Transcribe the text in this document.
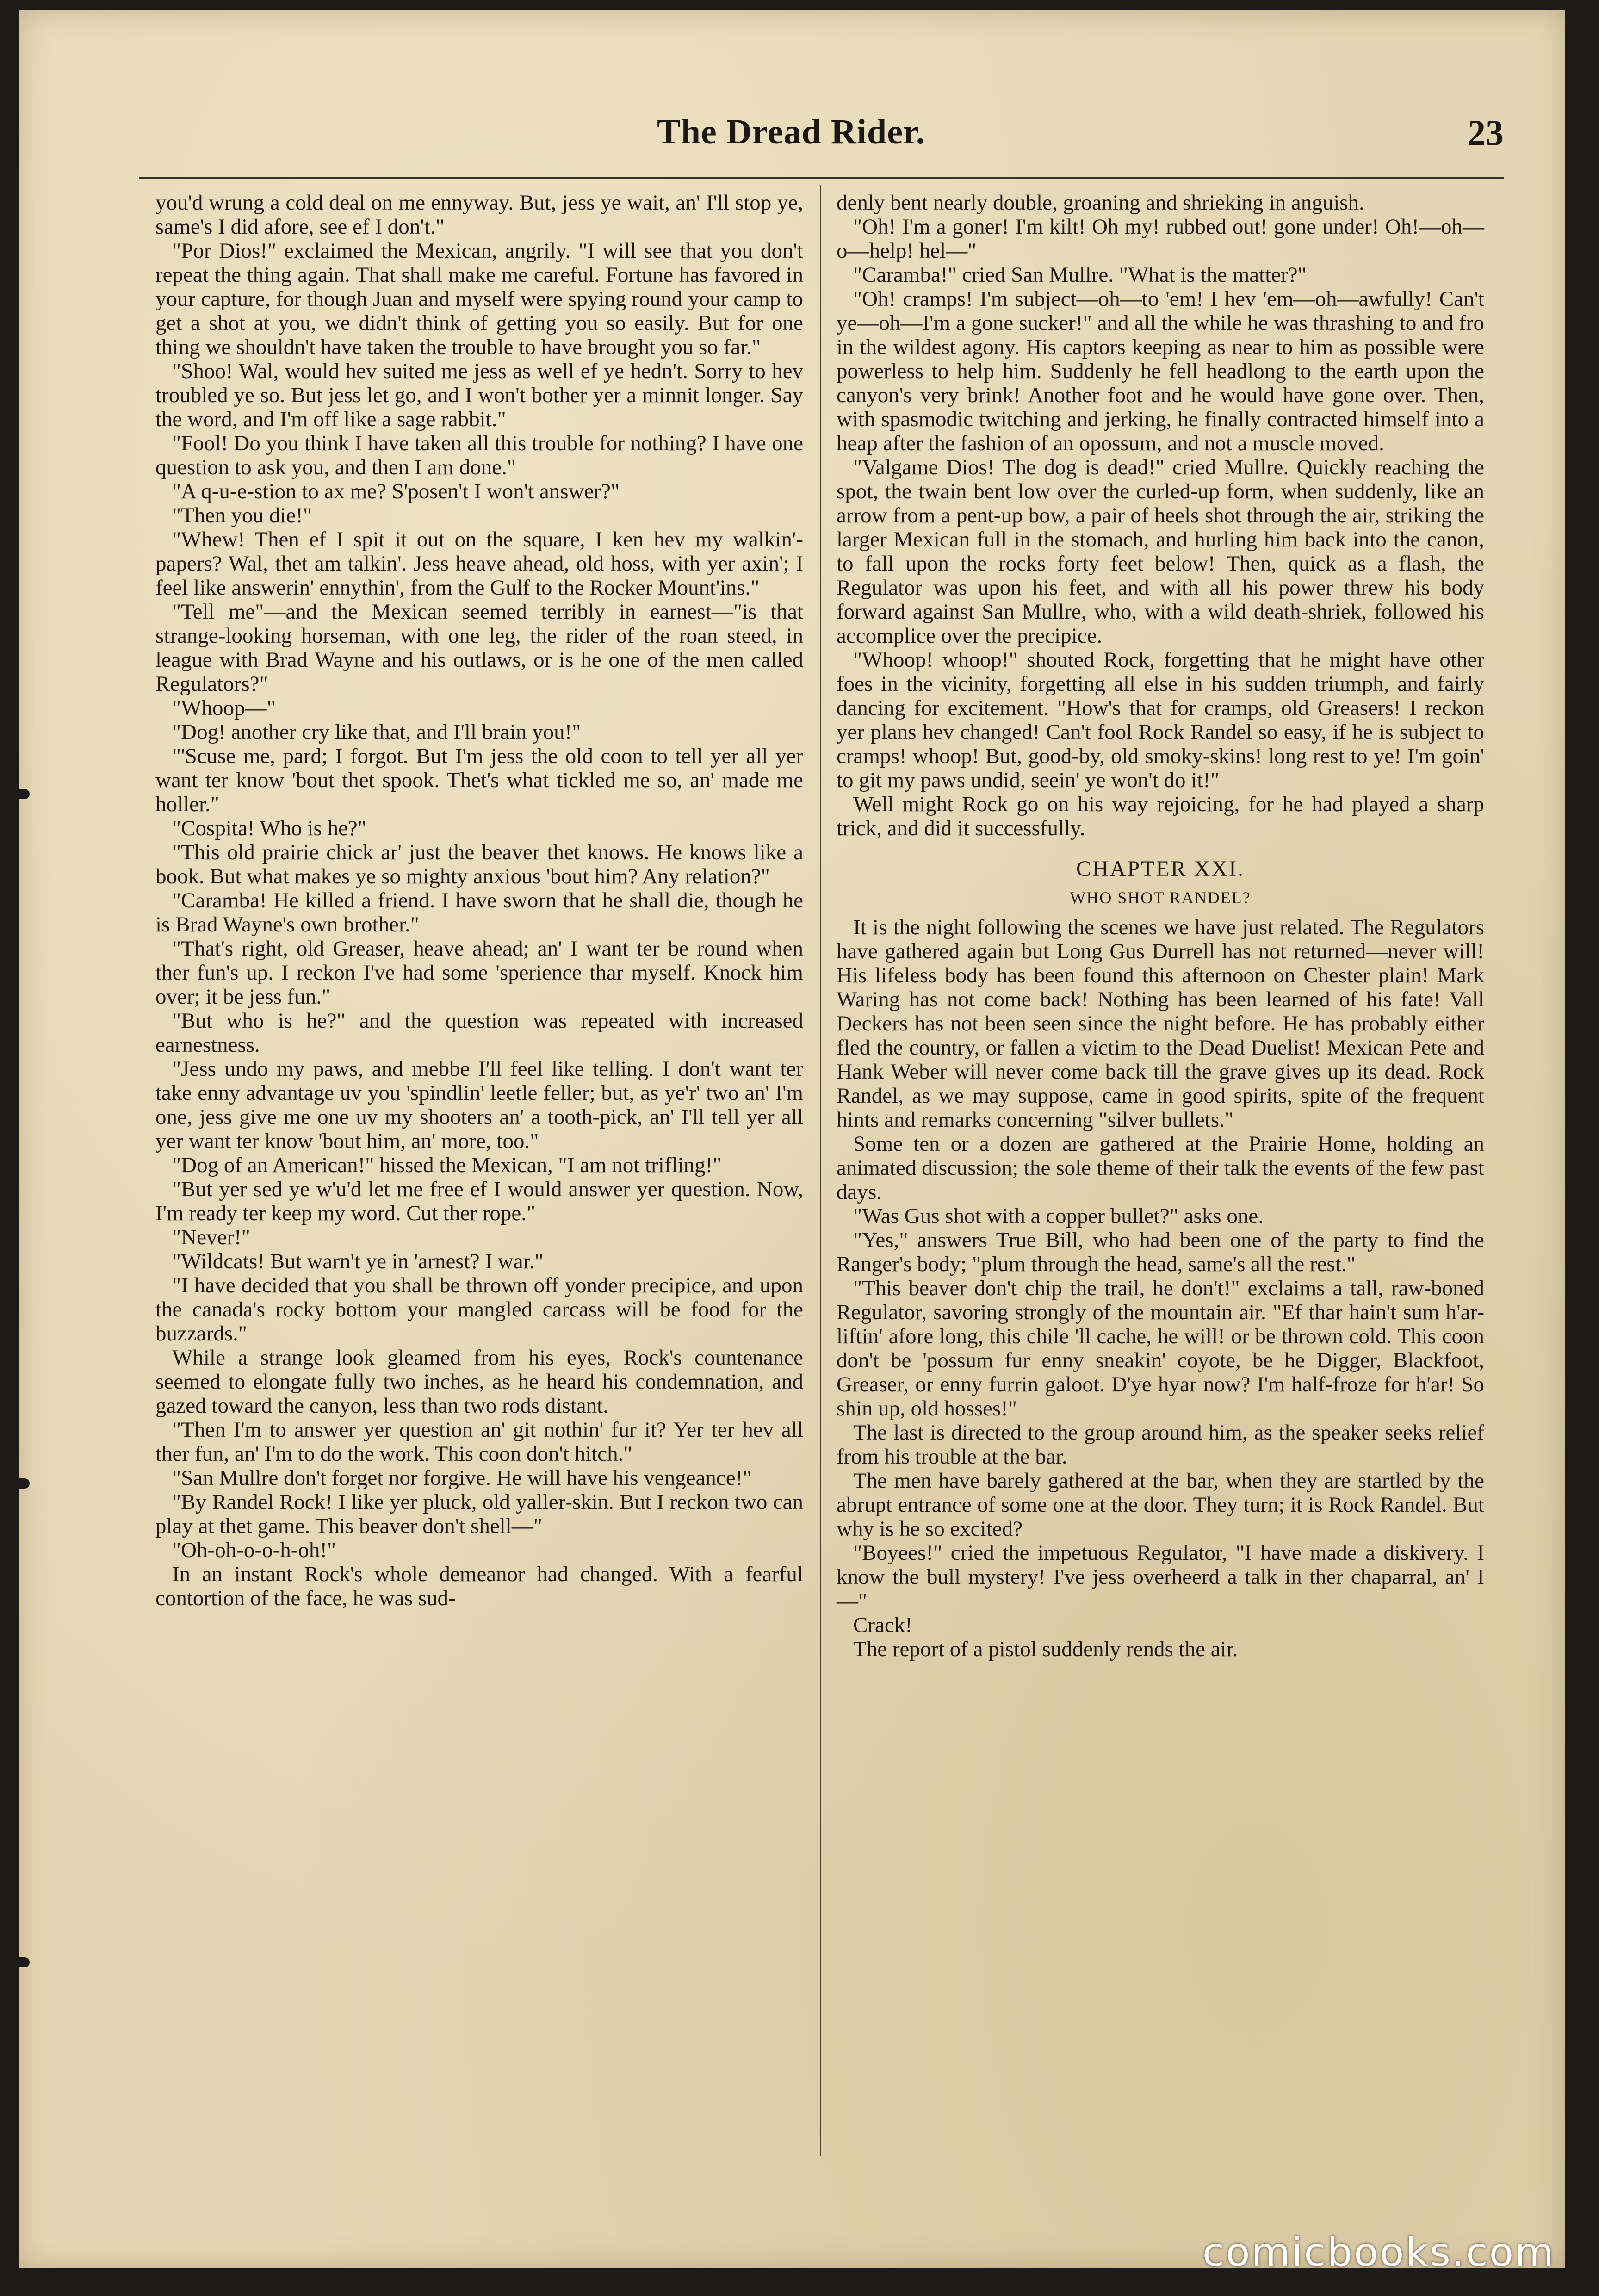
The Dread Rider.	23

you'd wrung a cold deal on me ennyway. But, jess ye wait, an' I'll stop ye, same's I did afore, see ef I don't."

"Por Dios!" exclaimed the Mexican, angrily. "I will see that you don't repeat the thing again. That shall make me careful. Fortune has favored in your capture, for though Juan and myself were spying round your camp to get a shot at you, we didn't think of getting you so easily. But for one thing we shouldn't have taken the trouble to have brought you so far."

"Shoo! Wal, would hev suited me jess as well ef ye hedn't. Sorry to hev troubled ye so. But jess let go, and I won't bother yer a minnit longer. Say the word, and I'm off like a sage rabbit."

"Fool! Do you think I have taken all this trouble for nothing? I have one question to ask you, and then I am done."

"A q-u-e-stion to ax me? S'posen't I won't answer?"

"Then you die!"

"Whew! Then ef I spit it out on the square, I ken hev my walkin'-papers? Wal, thet am talkin'. Jess heave ahead, old hoss, with yer axin'; I feel like answerin' ennythin', from the Gulf to the Rocker Mount'ins."

"Tell me"—and the Mexican seemed terribly in earnest—"is that strange-looking horseman, with one leg, the rider of the roan steed, in league with Brad Wayne and his outlaws, or is he one of the men called Regulators?"

"Whoop—"

"Dog! another cry like that, and I'll brain you!"

"'Scuse me, pard; I forgot. But I'm jess the old coon to tell yer all yer want ter know 'bout thet spook. Thet's what tickled me so, an' made me holler."

"Cospita! Who is he?"

"This old prairie chick ar' just the beaver thet knows. He knows like a book. But what makes ye so mighty anxious 'bout him? Any relation?"

"Caramba! He killed a friend. I have sworn that he shall die, though he is Brad Wayne's own brother."

"That's right, old Greaser, heave ahead; an' I want ter be round when ther fun's up. I reckon I've had some 'sperience thar myself. Knock him over; it be jess fun."

"But who is he?" and the question was repeated with increased earnestness.

"Jess undo my paws, and mebbe I'll feel like telling. I don't want ter take enny advantage uv you 'spindlin' leetle feller; but, as ye'r' two an' I'm one, jess give me one uv my shooters an' a tooth-pick, an' I'll tell yer all yer want ter know 'bout him, an' more, too."

"Dog of an American!" hissed the Mexican, "I am not trifling!"

"But yer sed ye w'u'd let me free ef I would answer yer question. Now, I'm ready ter keep my word. Cut ther rope."

"Never!"

"Wildcats! But warn't ye in 'arnest? I war."

"I have decided that you shall be thrown off yonder precipice, and upon the canada's rocky bottom your mangled carcass will be food for the buzzards."

While a strange look gleamed from his eyes, Rock's countenance seemed to elongate fully two inches, as he heard his condemnation, and gazed toward the canyon, less than two rods distant.

"Then I'm to answer yer question an' git nothin' fur it? Yer ter hev all ther fun, an' I'm to do the work. This coon don't hitch."

"San Mullre don't forget nor forgive. He will have his vengeance!"

"By Randel Rock! I like yer pluck, old yaller-skin. But I reckon two can play at thet game. This beaver don't shell—"

"Oh-oh-o-o-h-oh!"

In an instant Rock's whole demeanor had changed. With a fearful contortion of the face, he was sud-

denly bent nearly double, groaning and shrieking in anguish.

"Oh! I'm a goner! I'm kilt! Oh my! rubbed out! gone under! Oh!—oh—o—help! hel—"

"Caramba!" cried San Mullre. "What is the matter?"

"Oh! cramps! I'm subject—oh—to 'em! I hev 'em—oh—awfully! Can't ye—oh—I'm a gone sucker!" and all the while he was thrashing to and fro in the wildest agony. His captors keeping as near to him as possible were powerless to help him. Suddenly he fell headlong to the earth upon the canyon's very brink! Another foot and he would have gone over. Then, with spasmodic twitching and jerking, he finally contracted himself into a heap after the fashion of an opossum, and not a muscle moved.

"Valgame Dios! The dog is dead!" cried Mullre. Quickly reaching the spot, the twain bent low over the curled-up form, when suddenly, like an arrow from a pent-up bow, a pair of heels shot through the air, striking the larger Mexican full in the stomach, and hurling him back into the canon, to fall upon the rocks forty feet below! Then, quick as a flash, the Regulator was upon his feet, and with all his power threw his body forward against San Mullre, who, with a wild death-shriek, followed his accomplice over the precipice.

"Whoop! whoop!" shouted Rock, forgetting that he might have other foes in the vicinity, forgetting all else in his sudden triumph, and fairly dancing for excitement. "How's that for cramps, old Greasers! I reckon yer plans hev changed! Can't fool Rock Randel so easy, if he is subject to cramps! whoop! But, good-by, old smoky-skins! long rest to ye! I'm goin' to git my paws undid, seein' ye won't do it!"

Well might Rock go on his way rejoicing, for he had played a sharp trick, and did it successfully.

CHAPTER XXI.
WHO SHOT RANDEL?

It is the night following the scenes we have just related. The Regulators have gathered again but Long Gus Durrell has not returned—never will! His lifeless body has been found this afternoon on Chester plain! Mark Waring has not come back! Nothing has been learned of his fate! Vall Deckers has not been seen since the night before. He has probably either fled the country, or fallen a victim to the Dead Duelist! Mexican Pete and Hank Weber will never come back till the grave gives up its dead. Rock Randel, as we may suppose, came in good spirits, spite of the frequent hints and remarks concerning "silver bullets."

Some ten or a dozen are gathered at the Prairie Home, holding an animated discussion; the sole theme of their talk the events of the few past days.

"Was Gus shot with a copper bullet?" asks one.

"Yes," answers True Bill, who had been one of the party to find the Ranger's body; "plum through the head, same's all the rest."

"This beaver don't chip the trail, he don't!" exclaims a tall, raw-boned Regulator, savoring strongly of the mountain air. "Ef thar hain't sum h'ar-liftin' afore long, this chile 'll cache, he will! or be thrown cold. This coon don't be 'possum fur enny sneakin' coyote, be he Digger, Blackfoot, Greaser, or enny furrin galoot. D'ye hyar now? I'm half-froze for h'ar! So shin up, old hosses!"

The last is directed to the group around him, as the speaker seeks relief from his trouble at the bar.

The men have barely gathered at the bar, when they are startled by the abrupt entrance of some one at the door. They turn; it is Rock Randel. But why is he so excited?

"Boyees!" cried the impetuous Regulator, "I have made a diskivery. I know the bull mystery! I've jess overheerd a talk in ther chaparral, an' I—"

Crack!

The report of a pistol suddenly rends the air.

comicbooks.com
